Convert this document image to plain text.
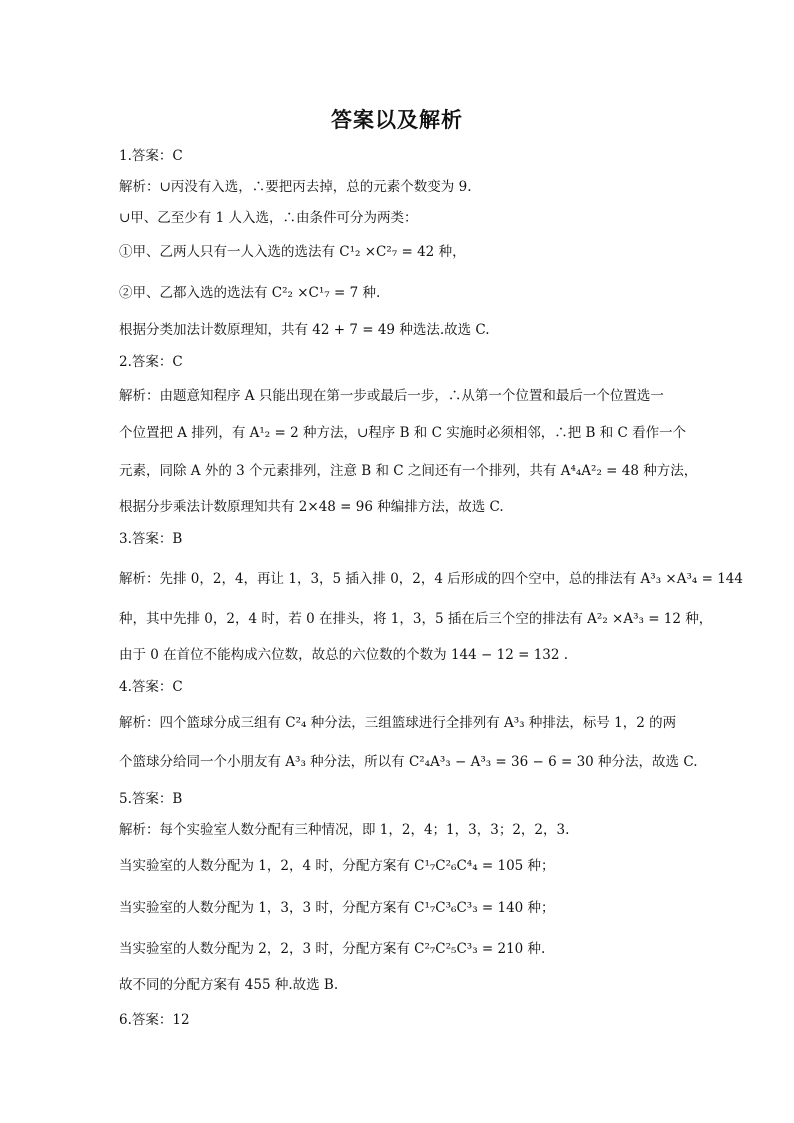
答案以及解析
1.答案：C
解析：∪丙没有入选，∴要把丙去掉，总的元素个数变为 9.
∪甲、乙至少有 1 人入选，∴由条件可分为两类：
①甲、乙两人只有一人入选的选法有 C¹₂ ×C²₇ = 42 种，
②甲、乙都入选的选法有 C²₂ ×C¹₇ = 7 种.
根据分类加法计数原理知，共有 42 + 7 = 49 种选法.故选 C.
2.答案：C
解析：由题意知程序 A 只能出现在第一步或最后一步，∴从第一个位置和最后一个位置选一
个位置把 A 排列，有 A¹₂ = 2 种方法，∪程序 B 和 C 实施时必须相邻，∴把 B 和 C 看作一个
元素，同除 A 外的 3 个元素排列，注意 B 和 C 之间还有一个排列，共有 A⁴₄A²₂ = 48 种方法，
根据分步乘法计数原理知共有 2×48 = 96 种编排方法，故选 C.
3.答案：B
解析：先排 0，2，4，再让 1，3，5 插入排 0，2，4 后形成的四个空中，总的排法有 A³₃ ×A³₄ = 144
种，其中先排 0，2，4 时，若 0 在排头，将 1，3，5 插在后三个空的排法有 A²₂ ×A³₃ = 12 种，
由于 0 在首位不能构成六位数，故总的六位数的个数为 144 − 12 = 132 .
4.答案：C
解析：四个篮球分成三组有 C²₄ 种分法，三组篮球进行全排列有 A³₃ 种排法，标号 1，2 的两
个篮球分给同一个小朋友有 A³₃ 种分法，所以有 C²₄A³₃ − A³₃ = 36 − 6 = 30 种分法，故选 C.
5.答案：B
解析：每个实验室人数分配有三种情况，即 1，2，4；1，3，3；2，2，3.
当实验室的人数分配为 1，2，4 时，分配方案有 C¹₇C²₆C⁴₄ = 105 种；
当实验室的人数分配为 1，3，3 时，分配方案有 C¹₇C³₆C³₃ = 140 种；
当实验室的人数分配为 2，2，3 时，分配方案有 C²₇C²₅C³₃ = 210 种.
故不同的分配方案有 455 种.故选 B.
6.答案：12
